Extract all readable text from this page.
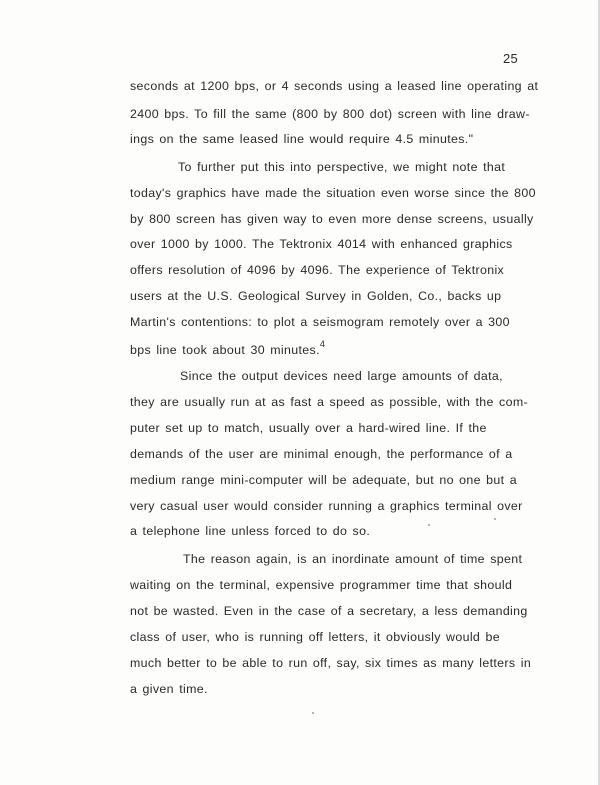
25
seconds at 1200 bps, or 4 seconds using a leased line operating at
2400 bps. To fill the same (800 by 800 dot) screen with line draw-
ings on the same leased line would require 4.5 minutes."
To further put this into perspective, we might note that
today's graphics have made the situation even worse since the 800
by 800 screen has given way to even more dense screens, usually
over 1000 by 1000. The Tektronix 4014 with enhanced graphics
offers resolution of 4096 by 4096. The experience of Tektronix
users at the U.S. Geological Survey in Golden, Co., backs up
Martin's contentions: to plot a seismogram remotely over a 300
bps line took about 30 minutes.$^4$
Since the output devices need large amounts of data,
they are usually run at as fast a speed as possible, with the com-
puter set up to match, usually over a hard-wired line. If the
demands of the user are minimal enough, the performance of a
medium range mini-computer will be adequate, but no one but a
very casual user would consider running a graphics terminal over
a telephone line unless forced to do so.
The reason again, is an inordinate amount of time spent
waiting on the terminal, expensive programmer time that should
not be wasted. Even in the case of a secretary, a less demanding
class of user, who is running off letters, it obviously would be
much better to be able to run off, say, six times as many letters in
a given time.
